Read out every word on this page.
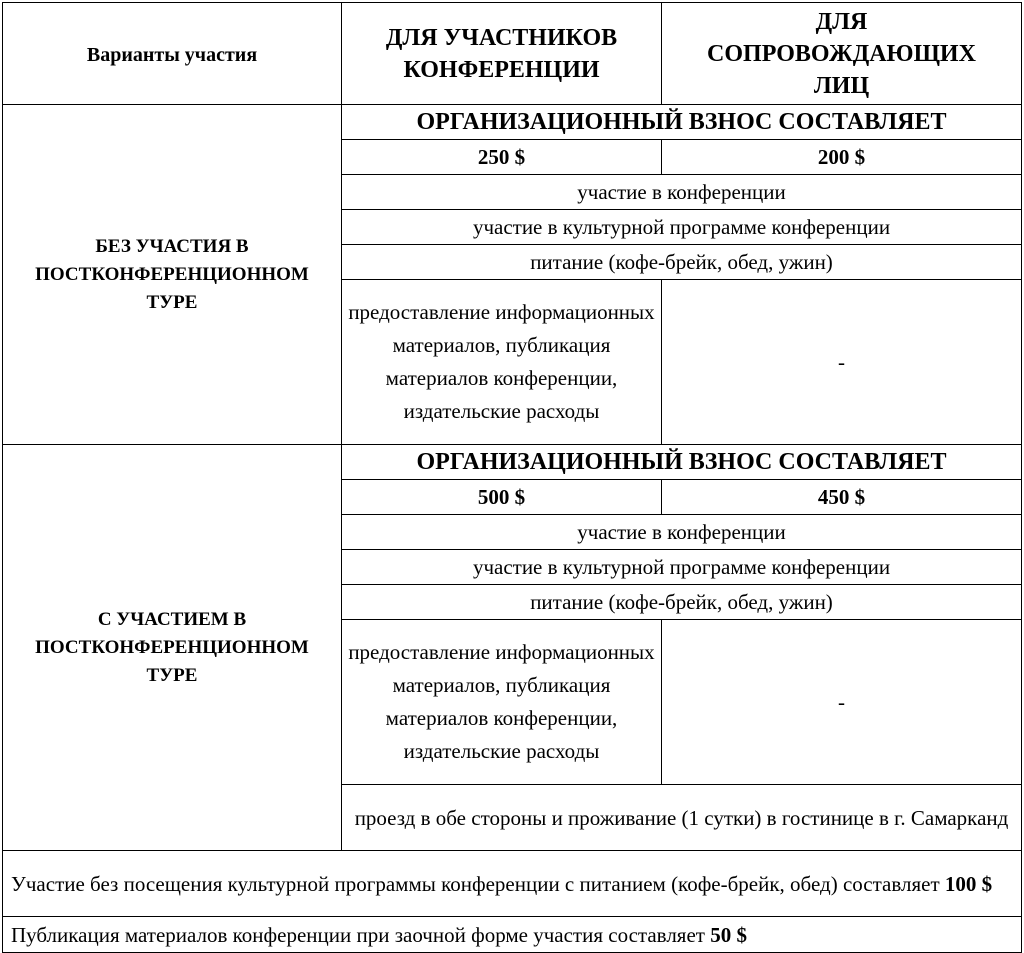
Варианты участия	ДЛЯ УЧАСТНИКОВ КОНФЕРЕНЦИИ	ДЛЯ СОПРОВОЖДАЮЩИХ ЛИЦ

БЕЗ УЧАСТИЯ В ПОСТКОНФЕРЕНЦИОННОМ ТУРЕ	ОРГАНИЗАЦИОННЫЙ ВЗНОС СОСТАВЛЯЕТ	
	250 $	200 $
	участие в конференции	
	участие в культурной программе конференции	
	питание (кофе-брейк, обед, ужин)	
	предоставление информационных материалов, публикация материалов конференции, издательские расходы	-

С УЧАСТИЕМ В ПОСТКОНФЕРЕНЦИОННОМ ТУРЕ	ОРГАНИЗАЦИОННЫЙ ВЗНОС СОСТАВЛЯЕТ	
	500 $	450 $
	участие в конференции	
	участие в культурной программе конференции	
	питание (кофе-брейк, обед, ужин)	
	предоставление информационных материалов, публикация материалов конференции, издательские расходы	-
	проезд в обе стороны и проживание (1 сутки) в гостинице в г. Самарканд	
Участие без посещения культурной программы конференции с питанием (кофе-брейк, обед) составляет 100 $		
Публикация материалов конференции при заочной форме участия составляет 50 $		
